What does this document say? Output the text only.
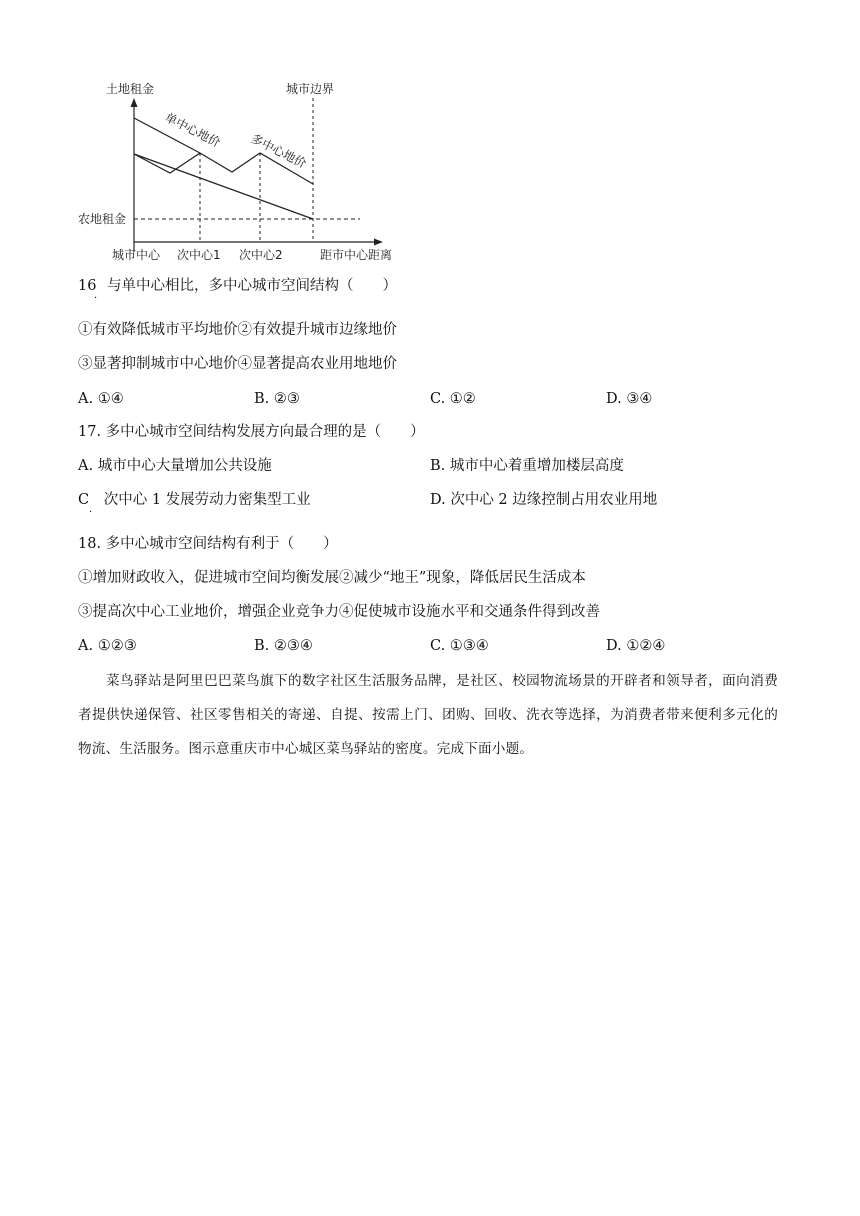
土地租金	城市边界
单中心地价
多中心地价
农地租金
城市中心 次中心1 次中心2	距市中心距离
16 与单中心相比，多中心城市空间结构（　　）
·
①有效降低城市平均地价②有效提升城市边缘地价
③显著抑制城市中心地价④显著提高农业用地地价
A. ①④	B. ②③	C. ①②	D. ③④
17. 多中心城市空间结构发展方向最合理的是（　　）
A. 城市中心大量增加公共设施	B. 城市中心着重增加楼层高度
C 次中心 1 发展劳动力密集型工业
·
D. 次中心 2 边缘控制占用农业用地
18. 多中心城市空间结构有利于（　　）
①增加财政收入，促进城市空间均衡发展②减少“地王”现象，降低居民生活成本
③提高次中心工业地价，增强企业竞争力④促使城市设施水平和交通条件得到改善
A. ①②③	B. ②③④	C. ①③④	D. ①②④
菜鸟驿站是阿里巴巴菜鸟旗下的数字社区生活服务品牌，是社区、校园物流场景的开辟者和领导者，面向消费者提供快递保管、社区零售相关的寄递、自提、按需上门、团购、回收、洗衣等选择，为消费者带来便利多元化的物流、生活服务。图示意重庆市中心城区菜鸟驿站的密度。完成下面小题。
